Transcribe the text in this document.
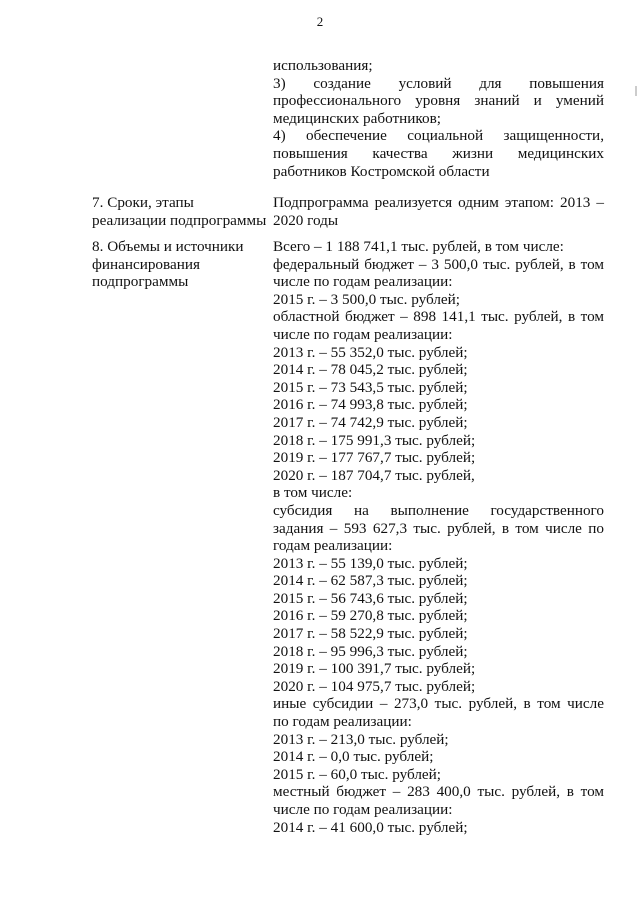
2
использования;
3) создание условий для повышения
профессионального уровня знаний и умений
медицинских работников;
4) обеспечение социальной защищенности,
повышения качества жизни медицинских
работников Костромской области
7. Сроки, этапы
реализации подпрограммы
Подпрограмма реализуется одним этапом: 2013 –
2020 годы
8. Объемы и источники
финансирования
подпрограммы
Всего – 1 188 741,1 тыс. рублей, в том числе:
федеральный бюджет – 3 500,0 тыс. рублей, в том
числе по годам реализации:
2015 г. – 3 500,0 тыс. рублей;
областной бюджет – 898 141,1 тыс. рублей, в том
числе по годам реализации:
2013 г. – 55 352,0 тыс. рублей;
2014 г. – 78 045,2 тыс. рублей;
2015 г. – 73 543,5 тыс. рублей;
2016 г. – 74 993,8 тыс. рублей;
2017 г. – 74 742,9 тыс. рублей;
2018 г. – 175 991,3 тыс. рублей;
2019 г. – 177 767,7 тыс. рублей;
2020 г. – 187 704,7 тыс. рублей,
в том числе:
субсидия на выполнение государственного
задания – 593 627,3 тыс. рублей, в том числе по
годам реализации:
2013 г. – 55 139,0 тыс. рублей;
2014 г. – 62 587,3 тыс. рублей;
2015 г. – 56 743,6 тыс. рублей;
2016 г. – 59 270,8 тыс. рублей;
2017 г. – 58 522,9 тыс. рублей;
2018 г. – 95 996,3 тыс. рублей;
2019 г. – 100 391,7 тыс. рублей;
2020 г. – 104 975,7 тыс. рублей;
иные субсидии – 273,0 тыс. рублей, в том числе
по годам реализации:
2013 г. – 213,0 тыс. рублей;
2014 г. – 0,0 тыс. рублей;
2015 г. – 60,0 тыс. рублей;
местный бюджет – 283 400,0 тыс. рублей, в том
числе по годам реализации:
2014 г. – 41 600,0 тыс. рублей;
